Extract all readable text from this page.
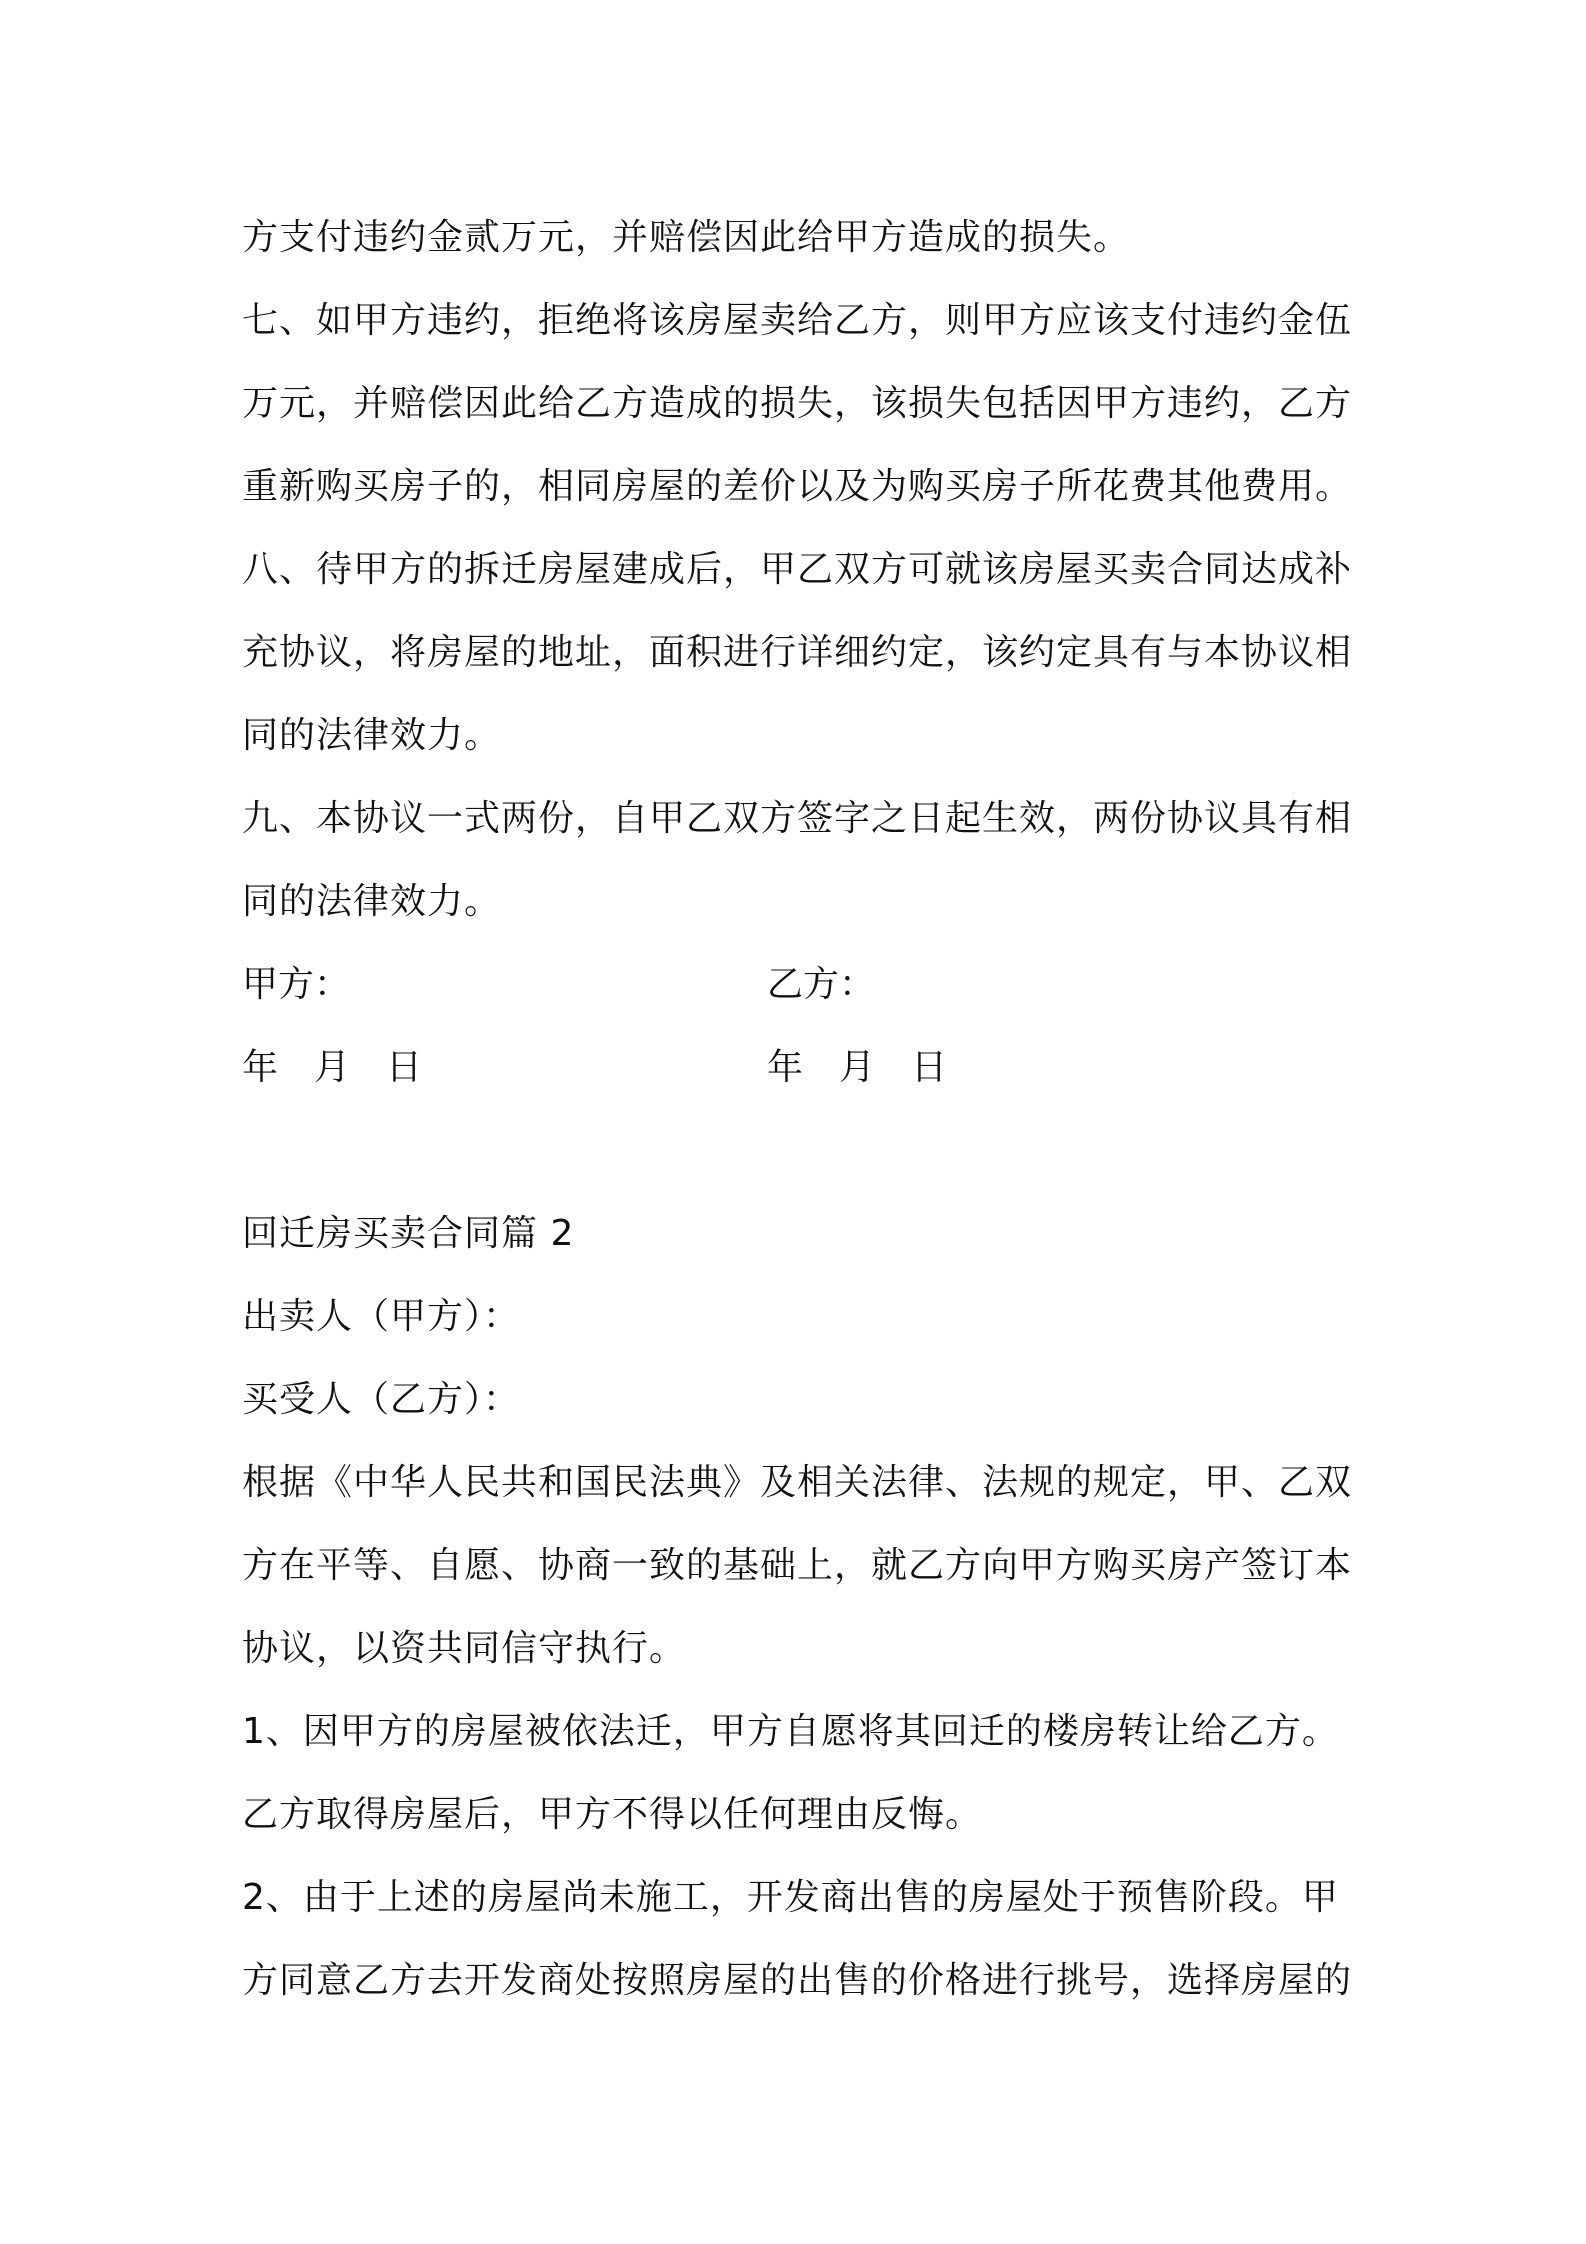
方支付违约金贰万元，并赔偿因此给甲方造成的损失。
七、如甲方违约，拒绝将该房屋卖给乙方，则甲方应该支付违约金伍
万元，并赔偿因此给乙方造成的损失，该损失包括因甲方违约，乙方
重新购买房子的，相同房屋的差价以及为购买房子所花费其他费用。
八、待甲方的拆迁房屋建成后，甲乙双方可就该房屋买卖合同达成补
充协议，将房屋的地址，面积进行详细约定，该约定具有与本协议相
同的法律效力。
九、本协议一式两份，自甲乙双方签字之日起生效，两份协议具有相
同的法律效力。

甲方：

	乙方：

年　月　日

	年　月　日

回迁房买卖合同篇 2
出卖人（甲方）：
买受人（乙方）：
根据《中华人民共和国民法典》及相关法律、法规的规定，甲、乙双
方在平等、自愿、协商一致的基础上，就乙方向甲方购买房产签订本
协议，以资共同信守执行。
1、因甲方的房屋被依法迁，甲方自愿将其回迁的楼房转让给乙方。
乙方取得房屋后，甲方不得以任何理由反悔。
2、由于上述的房屋尚未施工，开发商出售的房屋处于预售阶段。甲
方同意乙方去开发商处按照房屋的出售的价格进行挑号，选择房屋的
